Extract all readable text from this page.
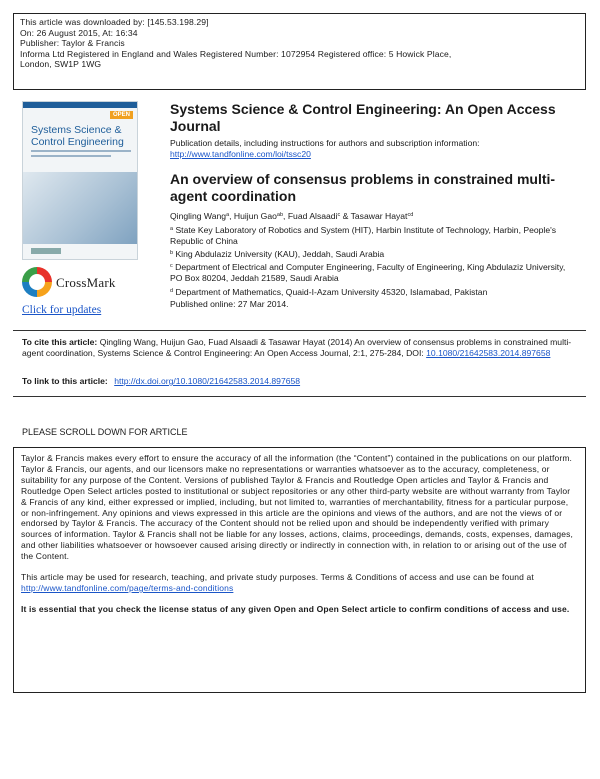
This article was downloaded by: [145.53.198.29]
On: 26 August 2015, At: 16:34
Publisher: Taylor & Francis
Informa Ltd Registered in England and Wales Registered Number: 1072954 Registered office: 5 Howick Place,
London, SW1P 1WG
OPEN
Systems Science & Control Engineering
CrossMark
Click for updates
Systems Science & Control Engineering: An Open Access Journal
Publication details, including instructions for authors and subscription information:
http://www.tandfonline.com/loi/tssc20
An overview of consensus problems in constrained multi-agent coordination
Qingling Wang$^a$, Huijun Gao$^{ab}$, Fuad Alsaadi$^c$ & Tasawar Hayat$^{cd}$
$^a$ State Key Laboratory of Robotics and System (HIT), Harbin Institute of Technology, Harbin, People's Republic of China
$^b$ King Abdulaziz University (KAU), Jeddah, Saudi Arabia
$^c$ Department of Electrical and Computer Engineering, Faculty of Engineering, King Abdulaziz University, PO Box 80204, Jeddah 21589, Saudi Arabia
$^d$ Department of Mathematics, Quaid-I-Azam University 45320, Islamabad, Pakistan
Published online: 27 Mar 2014.
To cite this article: Qingling Wang, Huijun Gao, Fuad Alsaadi & Tasawar Hayat (2014) An overview of consensus problems in constrained multi-agent coordination, Systems Science & Control Engineering: An Open Access Journal, 2:1, 275-284, DOI: 10.1080/21642583.2014.897658
To link to this article: http://dx.doi.org/10.1080/21642583.2014.897658
PLEASE SCROLL DOWN FOR ARTICLE

Taylor & Francis makes every effort to ensure the accuracy of all the information (the “Content”) contained in the publications on our platform. Taylor & Francis, our agents, and our licensors make no representations or warranties whatsoever as to the accuracy, completeness, or suitability for any purpose of the Content. Versions of published Taylor & Francis and Routledge Open articles and Taylor & Francis and Routledge Open Select articles posted to institutional or subject repositories or any other third-party website are without warranty from Taylor & Francis of any kind, either expressed or implied, including, but not limited to, warranties of merchantability, fitness for a particular purpose, or non-infringement. Any opinions and views expressed in this article are the opinions and views of the authors, and are not the views of or endorsed by Taylor & Francis. The accuracy of the Content should not be relied upon and should be independently verified with primary sources of information. Taylor & Francis shall not be liable for any losses, actions, claims, proceedings, demands, costs, expenses, damages, and other liabilities whatsoever or howsoever caused arising directly or indirectly in connection with, in relation to or arising out of the use of the Content.

This article may be used for research, teaching, and private study purposes. Terms & Conditions of access and use can be found at http://www.tandfonline.com/page/terms-and-conditions

It is essential that you check the license status of any given Open and Open Select article to confirm conditions of access and use.
